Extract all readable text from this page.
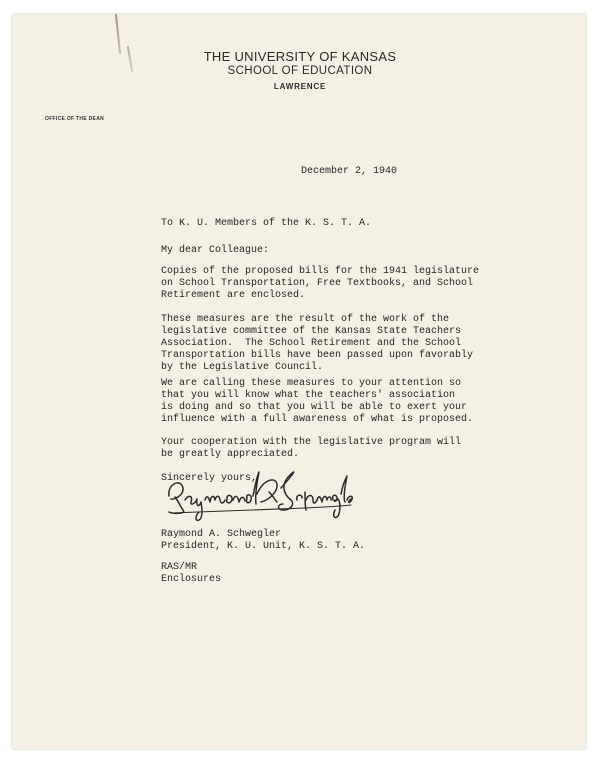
THE UNIVERSITY OF KANSAS
SCHOOL OF EDUCATION
LAWRENCE
OFFICE OF THE DEAN
December 2, 1940
To K. U. Members of the K. S. T. A.
My dear Colleague:
Copies of the proposed bills for the 1941 legislature
on School Transportation, Free Textbooks, and School
Retirement are enclosed.
These measures are the result of the work of the
legislative committee of the Kansas State Teachers
Association.  The School Retirement and the School
Transportation bills have been passed upon favorably
by the Legislative Council.
We are calling these measures to your attention so
that you will know what the teachers' association
is doing and so that you will be able to exert your
influence with a full awareness of what is proposed.
Your cooperation with the legislative program will
be greatly appreciated.
Sincerely yours,
Raymond A. Schwegler
President, K. U. Unit, K. S. T. A.
RAS/MR
Enclosures
